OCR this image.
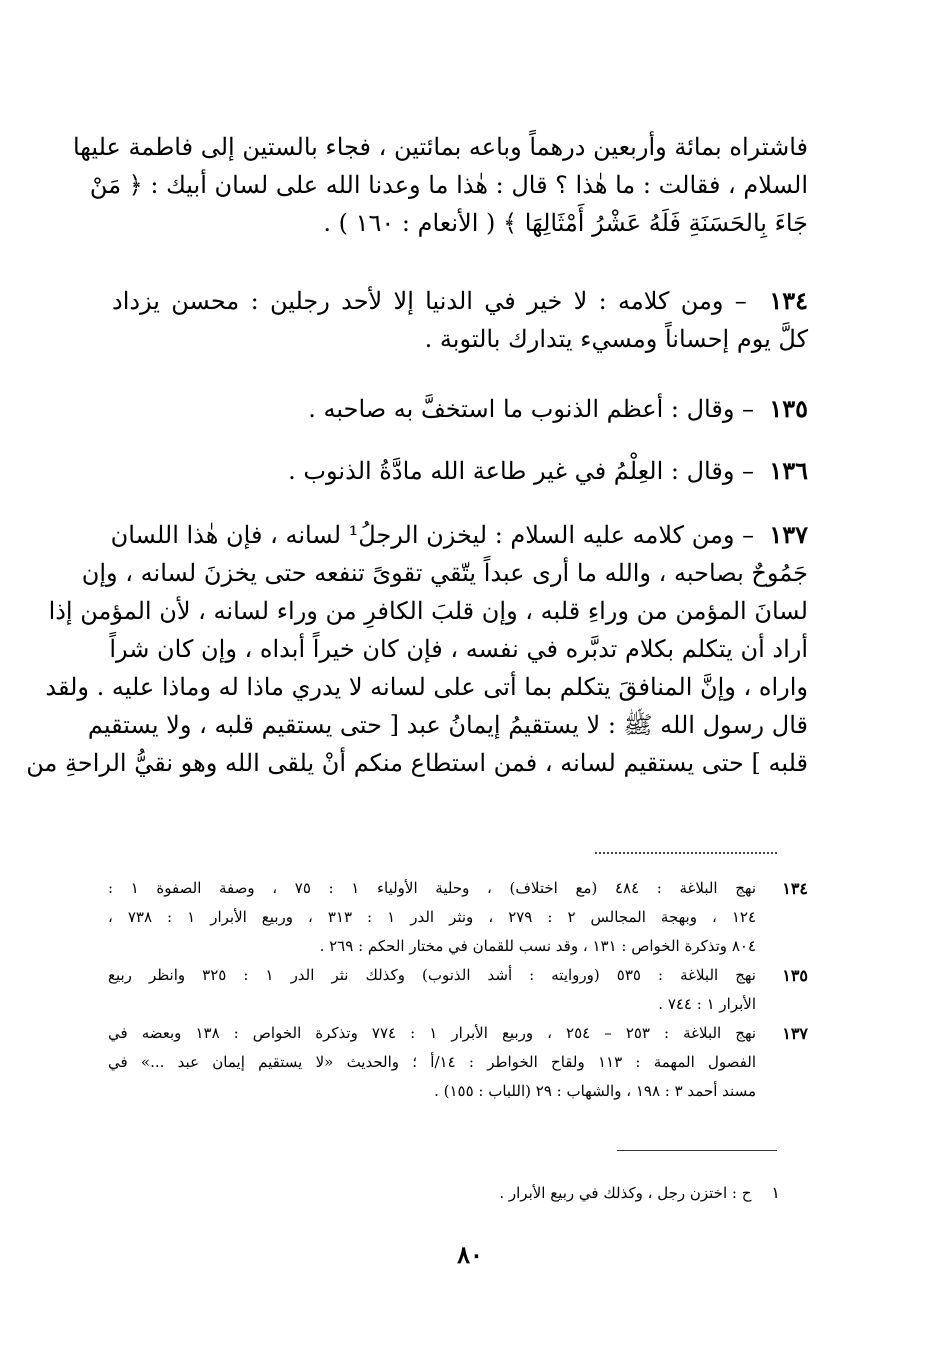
فاشتراه بمائة وأربعين درهماً وباعه بمائتين ، فجاء بالستين إلى فاطمة عليها
السلام ، فقالت : ما هٰذا ؟ قال : هٰذا ما وعدنا الله على لسان أبيك : ﴿ مَنْ
جَاءَ بِالحَسَنَةِ فَلَهُ عَشْرُ أَمْثَالِهَا ﴾ ( الأنعام : ١٦٠ ) .
١٣٤  – ومن كلامه : لا خير في الدنيا إلا لأحد رجلين : محسن يزداد
كلَّ يوم إحساناً ومسيء يتدارك بالتوبة .
١٣٥  – وقال : أعظم الذنوب ما استخفَّ به صاحبه .
١٣٦  – وقال : العِلْمُ في غير طاعة الله مادَّةُ الذنوب .
١٣٧  – ومن كلامه عليه السلام : ليخزن الرجلُ¹ لسانه ، فإن هٰذا اللسان
جَمُوحٌ بصاحبه ، والله ما أرى عبداً يتّقي تقوىً تنفعه حتى يخزنَ لسانه ، وإن
لسانَ المؤمن من وراءِ قلبه ، وإن قلبَ الكافرِ من وراء لسانه ، لأن المؤمن إذا
أراد أن يتكلم بكلام تدبَّره في نفسه ، فإن كان خيراً أبداه ، وإن كان شراً
واراه ، وإنَّ المنافقَ يتكلم بما أتى على لسانه لا يدري ماذا له وماذا عليه . ولقد
قال رسول الله ﷺ : لا يستقيمُ إيمانُ عبد [ حتى يستقيم قلبه ، ولا يستقيم
قلبه ] حتى يستقيم لسانه ، فمن استطاع منكم أنْ يلقى الله وهو نقيُّ الراحةِ من
١٣٤
نهج البلاغة : ٤٨٤ (مع اختلاف) ، وحلية الأولياء ١ : ٧٥ ، وصفة الصفوة ١ :
١٢٤ ، وبهجة المجالس ٢ : ٢٧٩ ، ونثر الدر ١ : ٣١٣ ، وربيع الأبرار ١ : ٧٣٨ ،
٨٠٤ وتذكرة الخواص : ١٣١ ، وقد نسب للقمان في مختار الحكم : ٢٦٩ .
١٣٥
نهج البلاغة : ٥٣٥ (وروايته : أشد الذنوب) وكذلك نثر الدر ١ : ٣٢٥ وانظر ربيع
الأبرار ١ : ٧٤٤ .
١٣٧
نهج البلاغة : ٢٥٣ – ٢٥٤ ، وربيع الأبرار ١ : ٧٧٤ وتذكرة الخواص : ١٣٨ وبعضه في
الفصول المهمة : ١١٣ ولقاح الخواطر : ١٤/أ ؛ والحديث «لا يستقيم إيمان عبد ...» في
مسند أحمد ٣ : ١٩٨ ، والشهاب : ٢٩ (اللباب : ١٥٥) .
١ح : اختزن رجل ، وكذلك في ربيع الأبرار .
٨٠
